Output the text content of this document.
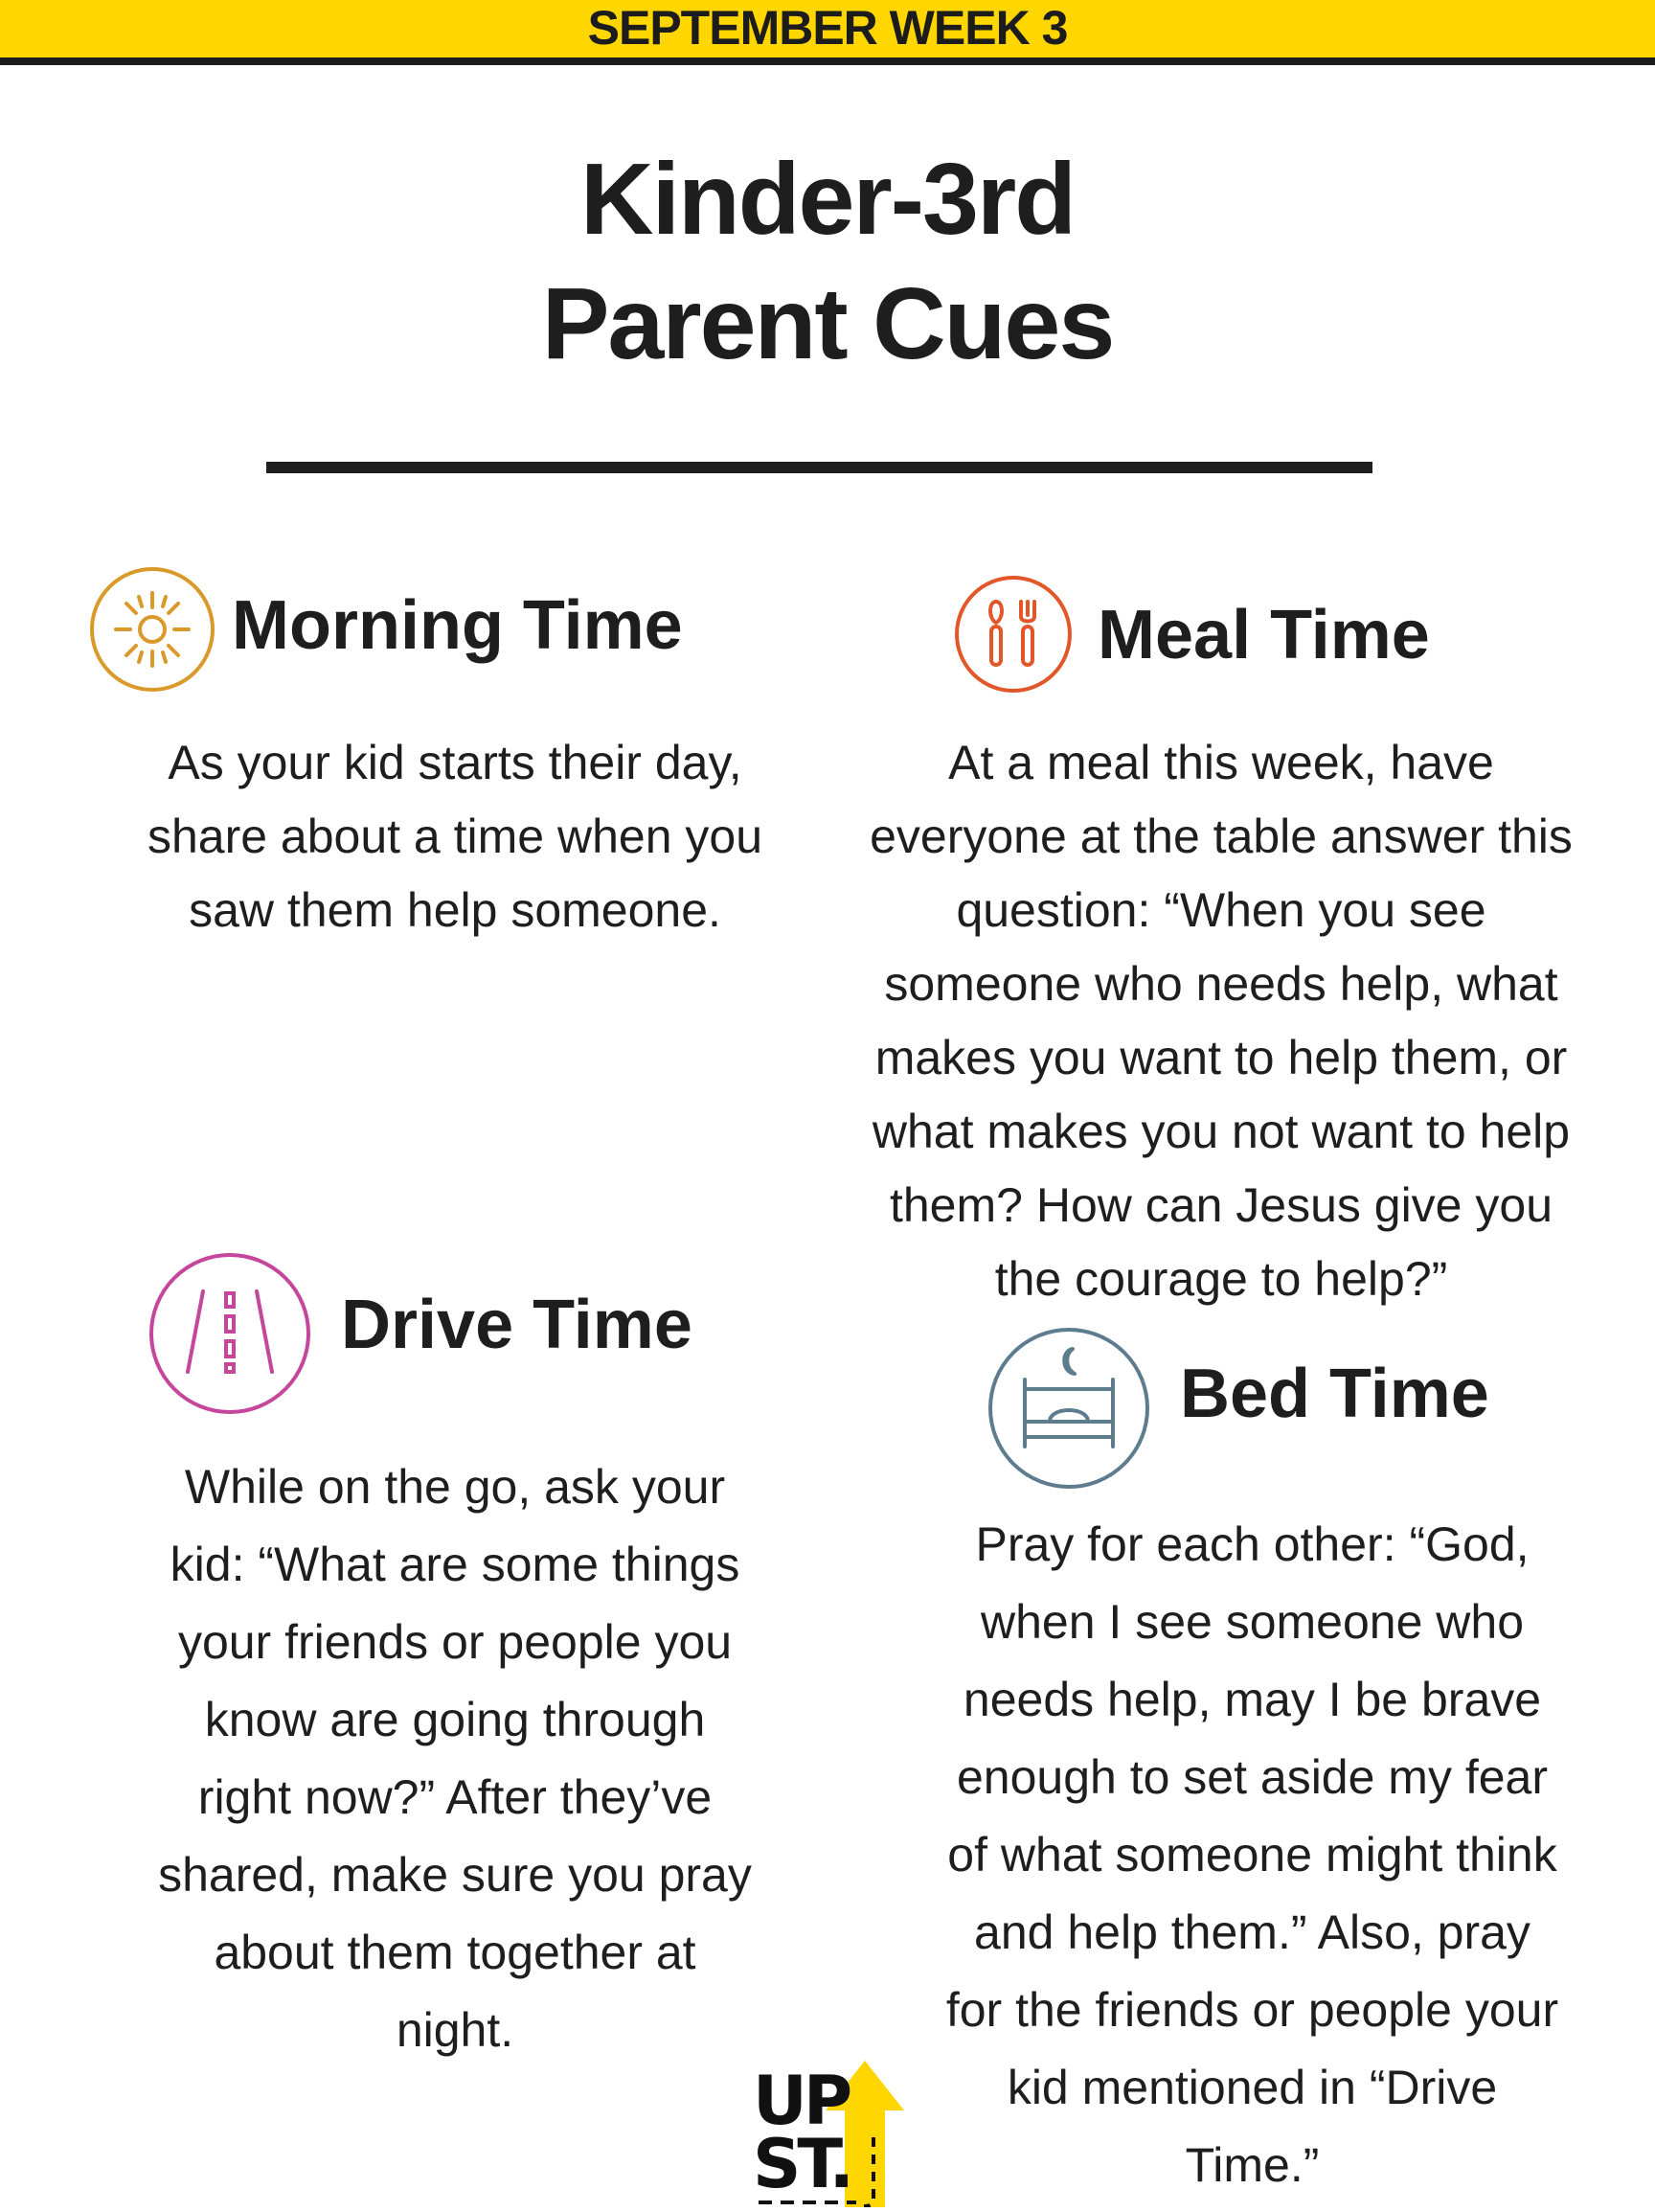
SEPTEMBER WEEK 3
Kinder-3rd
Parent Cues
Morning Time
As your kid starts their day,
share about a time when you
saw them help someone.
Meal Time
At a meal this week, have
everyone at the table answer this
question: “When you see
someone who needs help, what
makes you want to help them, or
what makes you not want to help
them? How can Jesus give you
the courage to help?”
Drive Time
While on the go, ask your
kid: “What are some things
your friends or people you
know are going through
right now?” After they’ve
shared, make sure you pray
about them together at
night.
Bed Time
Pray for each other: “God,
when I see someone who
needs help, may I be brave
enough to set aside my fear
of what someone might think
and help them.” Also, pray
for the friends or people your
kid mentioned in “Drive
Time.”
UP
ST.
